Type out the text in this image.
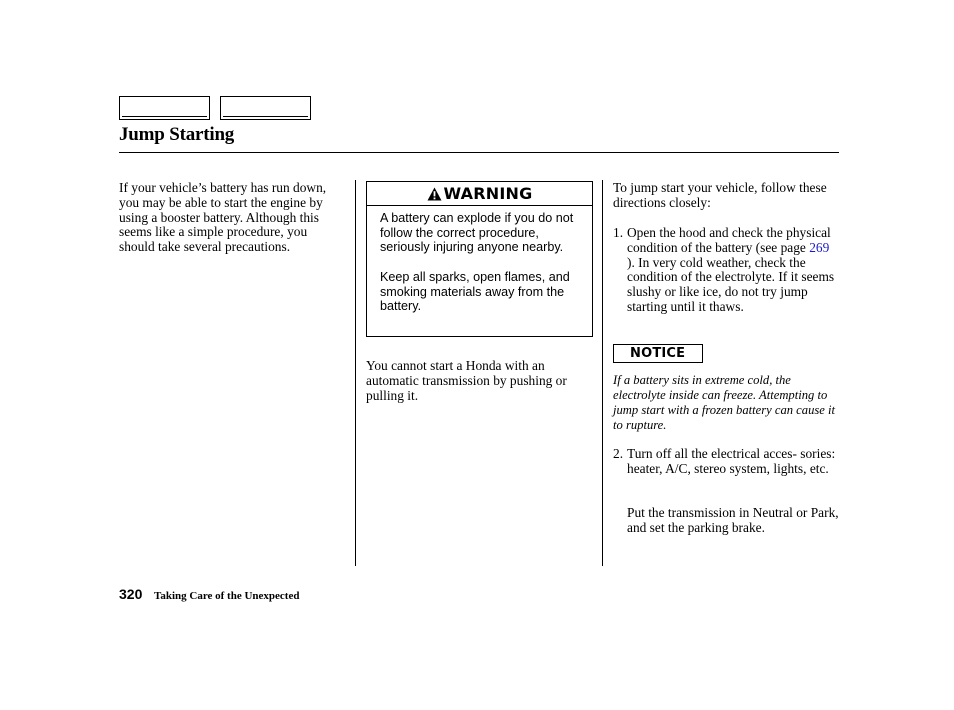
Jump Starting

If your vehicle’s battery has run down, you may be able to start the engine by using a booster battery. Although this seems like a simple procedure, you should take several precautions.

WARNING

A battery can explode if you do not follow the correct procedure, seriously injuring anyone nearby.

Keep all sparks, open flames, and smoking materials away from the battery.

You cannot start a Honda with an automatic transmission by pushing or pulling it.

To jump start your vehicle, follow these directions closely:

1. Open the hood and check the physical condition of the battery (see page 269 ). In very cold weather, check the condition of the electrolyte. If it seems slushy or like ice, do not try jump starting until it thaws.
NOTICE

If a battery sits in extreme cold, the electrolyte inside can freeze. Attempting to jump start with a frozen battery can cause it to rupture.

2. Turn off all the electrical acces- sories: heater, A/C, stereo system, lights, etc.
Put the transmission in Neutral or Park, and set the parking brake.

320 Taking Care of the Unexpected
